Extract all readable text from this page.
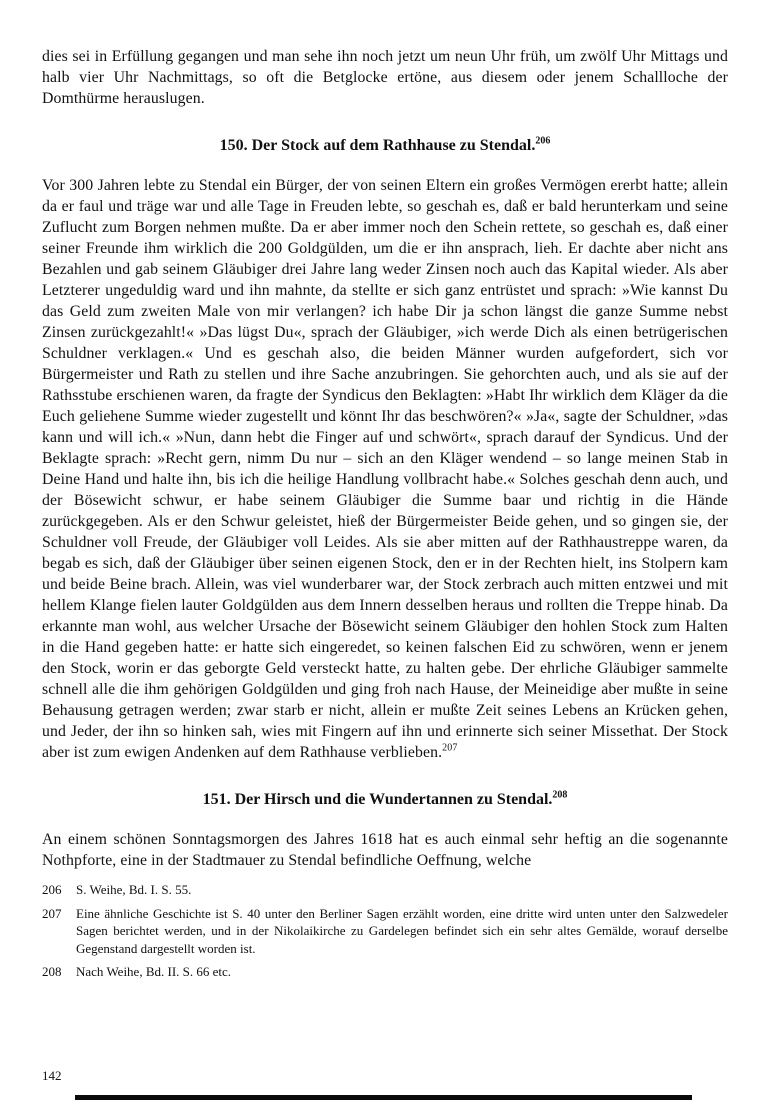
dies sei in Erfüllung gegangen und man sehe ihn noch jetzt um neun Uhr früh, um zwölf Uhr Mittags und halb vier Uhr Nachmittags, so oft die Betglocke ertöne, aus diesem oder jenem Schallloche der Domthürme herauslugen.

150. Der Stock auf dem Rathhause zu Stendal.$^{206}$

Vor 300 Jahren lebte zu Stendal ein Bürger, der von seinen Eltern ein großes Vermögen ererbt hatte; allein da er faul und träge war und alle Tage in Freuden lebte, so geschah es, daß er bald herunterkam und seine Zuflucht zum Borgen nehmen mußte. Da er aber immer noch den Schein rettete, so geschah es, daß einer seiner Freunde ihm wirklich die 200 Goldgülden, um die er ihn ansprach, lieh. Er dachte aber nicht ans Bezahlen und gab seinem Gläubiger drei Jahre lang weder Zinsen noch auch das Kapital wieder. Als aber Letzterer ungeduldig ward und ihn mahnte, da stellte er sich ganz entrüstet und sprach: »Wie kannst Du das Geld zum zweiten Male von mir verlangen? ich habe Dir ja schon längst die ganze Summe nebst Zinsen zurückgezahlt!« »Das lügst Du«, sprach der Gläubiger, »ich werde Dich als einen betrügerischen Schuldner verklagen.« Und es geschah also, die beiden Männer wurden aufgefordert, sich vor Bürgermeister und Rath zu stellen und ihre Sache anzubringen. Sie gehorchten auch, und als sie auf der Rathsstube erschienen waren, da fragte der Syndicus den Beklagten: »Habt Ihr wirklich dem Kläger da die Euch geliehene Summe wieder zugestellt und könnt Ihr das beschwören?« »Ja«, sagte der Schuldner, »das kann und will ich.« »Nun, dann hebt die Finger auf und schwört«, sprach darauf der Syndicus. Und der Beklagte sprach: »Recht gern, nimm Du nur – sich an den Kläger wendend – so lange meinen Stab in Deine Hand und halte ihn, bis ich die heilige Handlung vollbracht habe.« Solches geschah denn auch, und der Bösewicht schwur, er habe seinem Gläubiger die Summe baar und richtig in die Hände zurückgegeben. Als er den Schwur geleistet, hieß der Bürgermeister Beide gehen, und so gingen sie, der Schuldner voll Freude, der Gläubiger voll Leides. Als sie aber mitten auf der Rathhaustreppe waren, da begab es sich, daß der Gläubiger über seinen eigenen Stock, den er in der Rechten hielt, ins Stolpern kam und beide Beine brach. Allein, was viel wunderbarer war, der Stock zerbrach auch mitten entzwei und mit hellem Klange fielen lauter Goldgülden aus dem Innern desselben heraus und rollten die Treppe hinab. Da erkannte man wohl, aus welcher Ursache der Bösewicht seinem Gläubiger den hohlen Stock zum Halten in die Hand gegeben hatte: er hatte sich eingeredet, so keinen falschen Eid zu schwören, wenn er jenem den Stock, worin er das geborgte Geld versteckt hatte, zu halten gebe. Der ehrliche Gläubiger sammelte schnell alle die ihm gehörigen Goldgülden und ging froh nach Hause, der Meineidige aber mußte in seine Behausung getragen werden; zwar starb er nicht, allein er mußte Zeit seines Lebens an Krücken gehen, und Jeder, der ihn so hinken sah, wies mit Fingern auf ihn und erinnerte sich seiner Missethat. Der Stock aber ist zum ewigen Andenken auf dem Rathhause verblieben.$^{207}$

151. Der Hirsch und die Wundertannen zu Stendal.$^{208}$

An einem schönen Sonntagsmorgen des Jahres 1618 hat es auch einmal sehr heftig an die sogenannte Nothpforte, eine in der Stadtmauer zu Stendal befindliche Oeffnung, welche

206	S. Weihe, Bd. I. S. 55.
207	Eine ähnliche Geschichte ist S. 40 unter den Berliner Sagen erzählt worden, eine dritte wird unten unter den Salzwedeler Sagen berichtet werden, und in der Nikolaikirche zu Gardelegen befindet sich ein sehr altes Gemälde, worauf derselbe Gegenstand dargestellt worden ist.
208	Nach Weihe, Bd. II. S. 66 etc.
142
